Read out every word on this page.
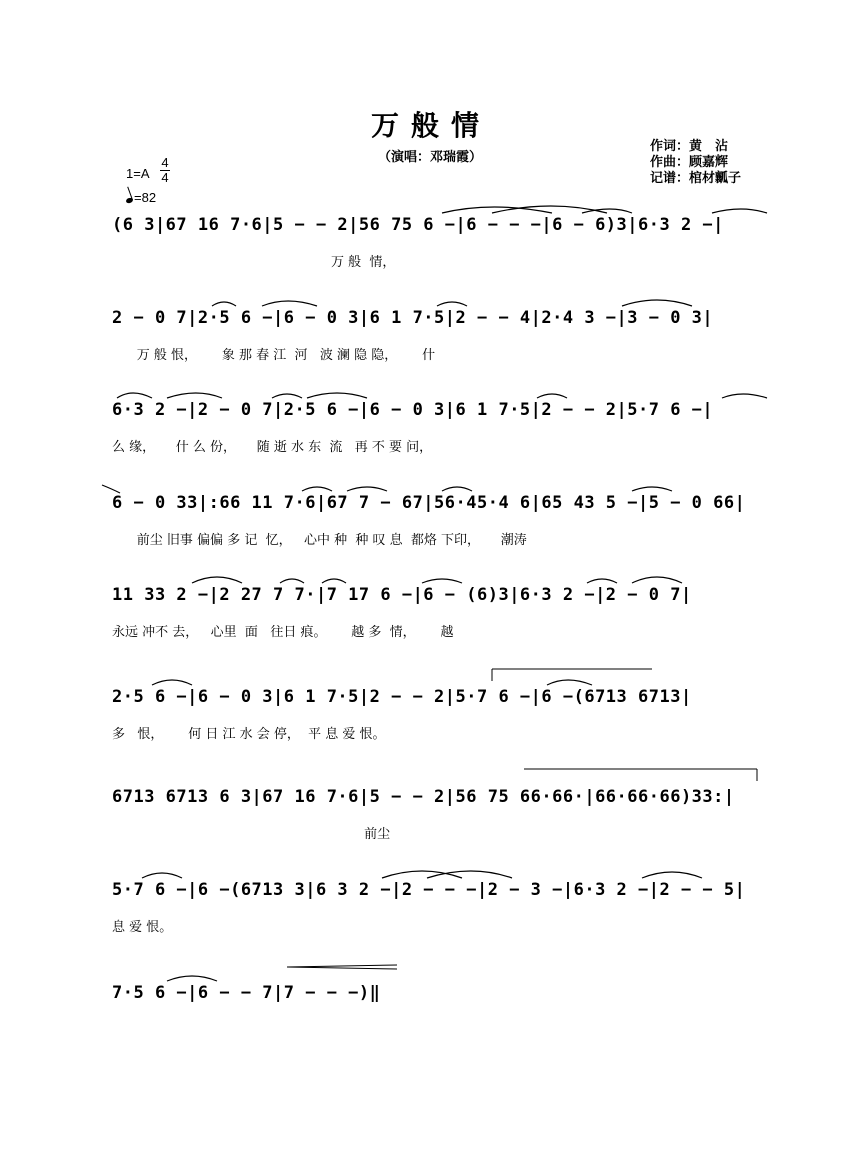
万般情
（演唱：邓瑞霞）
作词：黄　沾
作曲：顾嘉辉
记谱：棺材瓤子
1=A
4
4
=82
(6 3|67 16 7·6|5 − − 2|56 75 6 −|6 − − −|6 − 6)3|6·3 2 −|
万 般  情，
2 − 0 7|2·5 6 −|6 − 0 3|6 1 7·5|2 − − 4|2·4 3 −|3 − 0 3|
万 般 恨，      象 那 春 江  河   波 澜 隐 隐，      什
6·3 2 −|2 − 0 7|2·5 6 −|6 − 0 3|6 1 7·5|2 − − 2|5·7 6 −|
么 缘，     什 么 份，     随 逝 水 东  流   再 不 要 问，
6 − 0 33|:66 11 7·6|67 7 − 67|56·45·4 6|65 43 5 −|5 − 0 66|
前尘 旧事 偏偏 多 记  忆，   心中 种  种 叹 息  都烙 下印，     潮涛
11 33 2 −|2 27 7 7·|7 17 6 −|6 − (6)3|6·3 2 −|2 − 0 7|
永远 冲不 去，   心里  面   往日 痕。      越 多  情，      越
2·5 6 −|6 − 0 3|6 1 7·5|2 − − 2|5·7 6 −|6 −(6713 6713|
多   恨，      何 日 江 水 会 停，  平 息 爱 恨。
6713 6713 6 3|67 16 7·6|5 − − 2|56 75 66·66·|66·66·66)33:|
前尘
5·7 6 −|6 −(6713 3|6 3 2 −|2 − − −|2 − 3 −|6·3 2 −|2 − − 5|
息 爱 恨。
7·5 6 −|6 − − 7|7 − − −)‖
